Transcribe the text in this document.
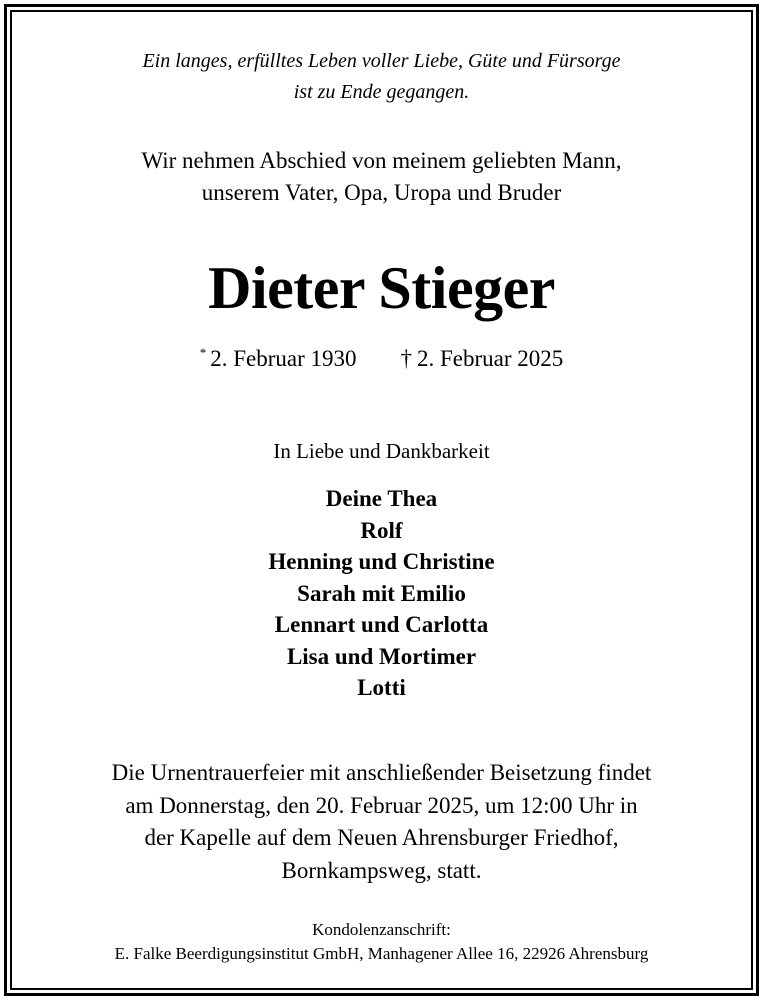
Ein langes, erfülltes Leben voller Liebe, Güte und Fürsorge
ist zu Ende gegangen.
Wir nehmen Abschied von meinem geliebten Mann,
unserem Vater, Opa, Uropa und Bruder
Dieter Stieger
* 2. Februar 1930 † 2. Februar 2025
In Liebe und Dankbarkeit
Deine Thea
Rolf
Henning und Christine
Sarah mit Emilio
Lennart und Carlotta
Lisa und Mortimer
Lotti
Die Urnentrauerfeier mit anschließender Beisetzung findet
am Donnerstag, den 20. Februar 2025, um 12:00 Uhr in
der Kapelle auf dem Neuen Ahrensburger Friedhof,
Bornkampsweg, statt.
Kondolenzanschrift:
E. Falke Beerdigungsinstitut GmbH, Manhagener Allee 16, 22926 Ahrensburg
